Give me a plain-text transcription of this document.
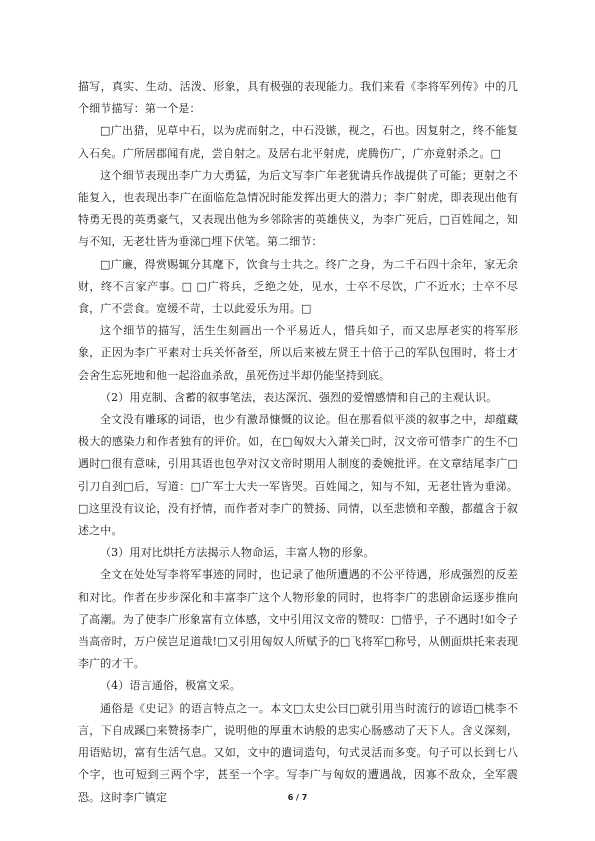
描写，真实、生动、活泼、形象，具有极强的表现能力。我们来看《李将军列传》中的几个细节描写：第一个是：

□广出猎，见草中石，以为虎而射之，中石没镞，视之，石也。因复射之，终不能复入石矣。广所居郡闻有虎，尝自射之。及居右北平射虎，虎腾伤广，广亦竟射杀之。□

这个细节表现出李广力大勇猛，为后文写李广年老犹请兵作战提供了可能；更射之不能复入，也表现出李广在面临危急情况时能发挥出更大的潜力；李广射虎，即表现出他有特勇无畏的英勇豪气，又表现出他为乡邻除害的英雄侠义，为李广死后，□百姓闻之，知与不知，无老壮皆为垂涕□埋下伏笔。第二细节：

□广廉，得赏赐辄分其麾下，饮食与士共之。终广之身，为二千石四十余年，家无余财，终不言家产事。□ □广将兵，乏绝之处，见水，士卒不尽饮，广不近水；士卒不尽食，广不尝食。宽缓不苛，士以此爱乐为用。□

这个细节的描写，活生生刻画出一个平易近人，惜兵如子，而又忠厚老实的将军形象，正因为李广平素对士兵关怀备至，所以后来被左贤王十倍于己的军队包围时，将士才会舍生忘死地和他一起浴血杀敌，虽死伤过半却仍能坚持到底。

（2）用克制、含蓄的叙事笔法，表达深沉、强烈的爱憎感情和自己的主观认识。

全文没有雕琢的词语，也少有激昂慷慨的议论。但在那看似平淡的叙事之中，却蕴藏极大的感染力和作者独有的评价。如，在□匈奴大入萧关□时，汉文帝可惜李广的生不□遇时□很有意味，引用其语也包孕对汉文帝时期用人制度的委婉批评。在文章结尾李广□引刀自刭□后，写道：□广军士大夫一军皆哭。百姓闻之，知与不知，无老壮皆为垂涕。□这里没有议论，没有抒情，而作者对李广的赞扬、同情，以至悲愤和辛酸，都蕴含于叙述之中。

（3）用对比烘托方法揭示人物命运，丰富人物的形象。

全文在处处写李将军事迹的同时，也记录了他所遭遇的不公平待遇，形成强烈的反差和对比。作者在步步深化和丰富李广这个人物形象的同时，也将李广的悲剧命运逐步推向了高潮。为了使李广形象富有立体感，文中引用汉文帝的赞叹：□惜乎，子不遇时!如令子当高帝时，万户侯岂足道哉!□又引用匈奴人所赋予的□飞将军□称号，从侧面烘托来表现李广的才干。

（4）语言通俗，极富文采。

通俗是《史记》的语言特点之一。本文□太史公曰□就引用当时流行的谚语□桃李不言，下自成蹊□来赞扬李广，说明他的厚重木讷般的忠实心肠感动了天下人。含义深刻，用语贴切，富有生活气息。又如，文中的遣词造句，句式灵活而多变。句子可以长到七八个字，也可短到三两个字，甚至一个字。写李广与匈奴的遭遇战，因寡不敌众，全军震恐。这时李广镇定	6 / 7
